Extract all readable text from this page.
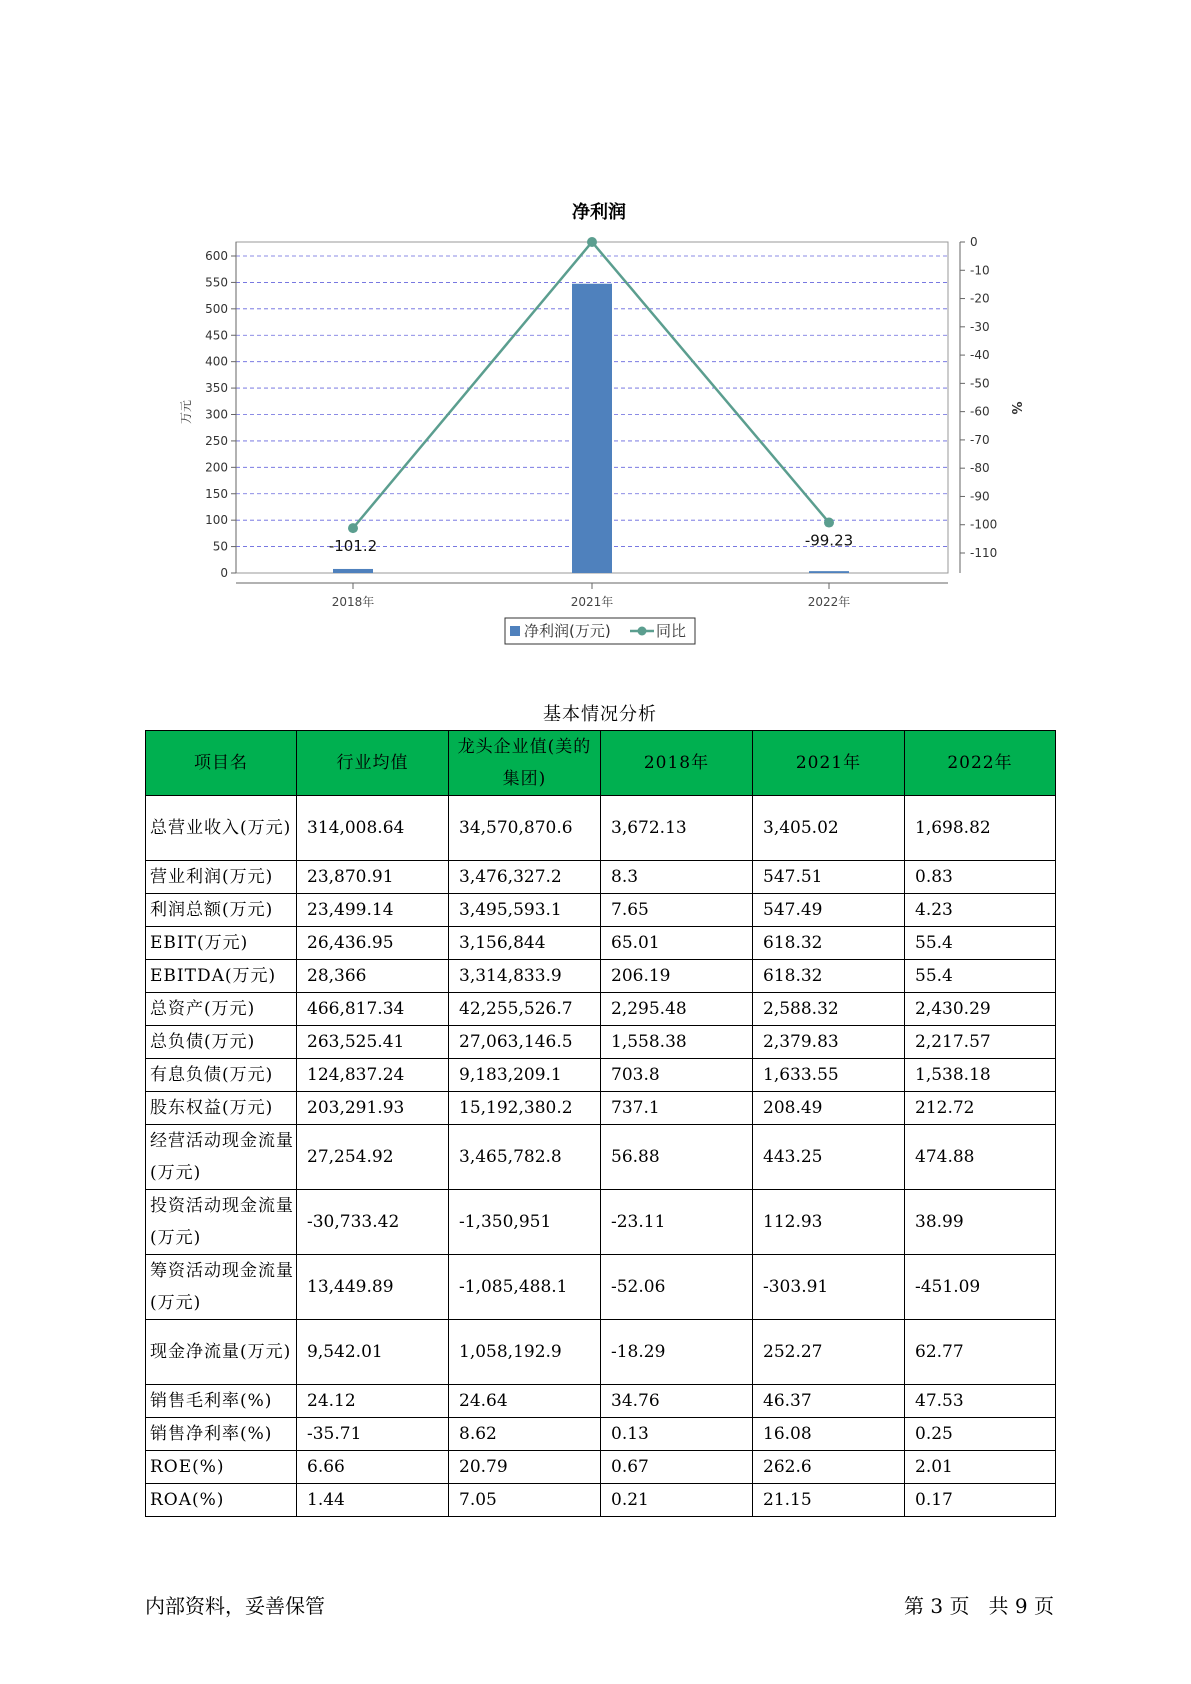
净利润
0
50
100
150
200
250
300
350
400
450
500
550
600
0
-10
-20
-30
-40
-50
-60
-70
-80
-90
-100
-110
万元	%
2018年	2021年	2022年
-101.2	-99.23
净利润(万元)	同比
基本情况分析
项目名	行业均值	龙头企业值(美的集团)	2018年	2021年	2022年
总营业收入(万元)	314,008.64	34,570,870.6	3,672.13	3,405.02	1,698.82
营业利润(万元)	23,870.91	3,476,327.2	8.3	547.51	0.83
利润总额(万元)	23,499.14	3,495,593.1	7.65	547.49	4.23
EBIT(万元)	26,436.95	3,156,844	65.01	618.32	55.4
EBITDA(万元)	28,366	3,314,833.9	206.19	618.32	55.4
总资产(万元)	466,817.34	42,255,526.7	2,295.48	2,588.32	2,430.29
总负债(万元)	263,525.41	27,063,146.5	1,558.38	2,379.83	2,217.57
有息负债(万元)	124,837.24	9,183,209.1	703.8	1,633.55	1,538.18
股东权益(万元)	203,291.93	15,192,380.2	737.1	208.49	212.72
经营活动现金流量(万元)	27,254.92	3,465,782.8	56.88	443.25	474.88
投资活动现金流量(万元)	-30,733.42	-1,350,951	-23.11	112.93	38.99
筹资活动现金流量(万元)	13,449.89	-1,085,488.1	-52.06	-303.91	-451.09
现金净流量(万元)	9,542.01	1,058,192.9	-18.29	252.27	62.77
销售毛利率(%)	24.12	24.64	34.76	46.37	47.53
销售净利率(%)	-35.71	8.62	0.13	16.08	0.25
ROE(%)	6.66	20.79	0.67	262.6	2.01
ROA(%)	1.44	7.05	0.21	21.15	0.17
内部资料，妥善保管	第 3 页   共 9 页
